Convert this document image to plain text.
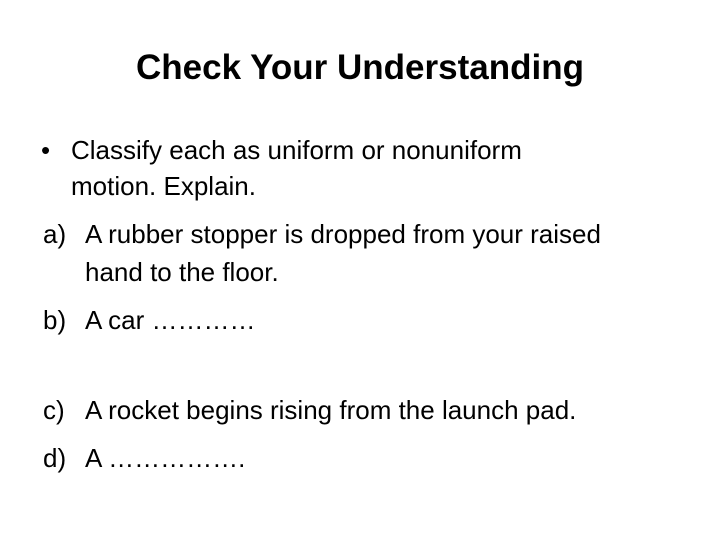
Check Your Understanding
• Classify each as uniform or nonuniform
motion. Explain.
a) A rubber stopper is dropped from your raised
hand to the floor.
b) A car …………
c) A rocket begins rising from the launch pad.
d) A …………….
